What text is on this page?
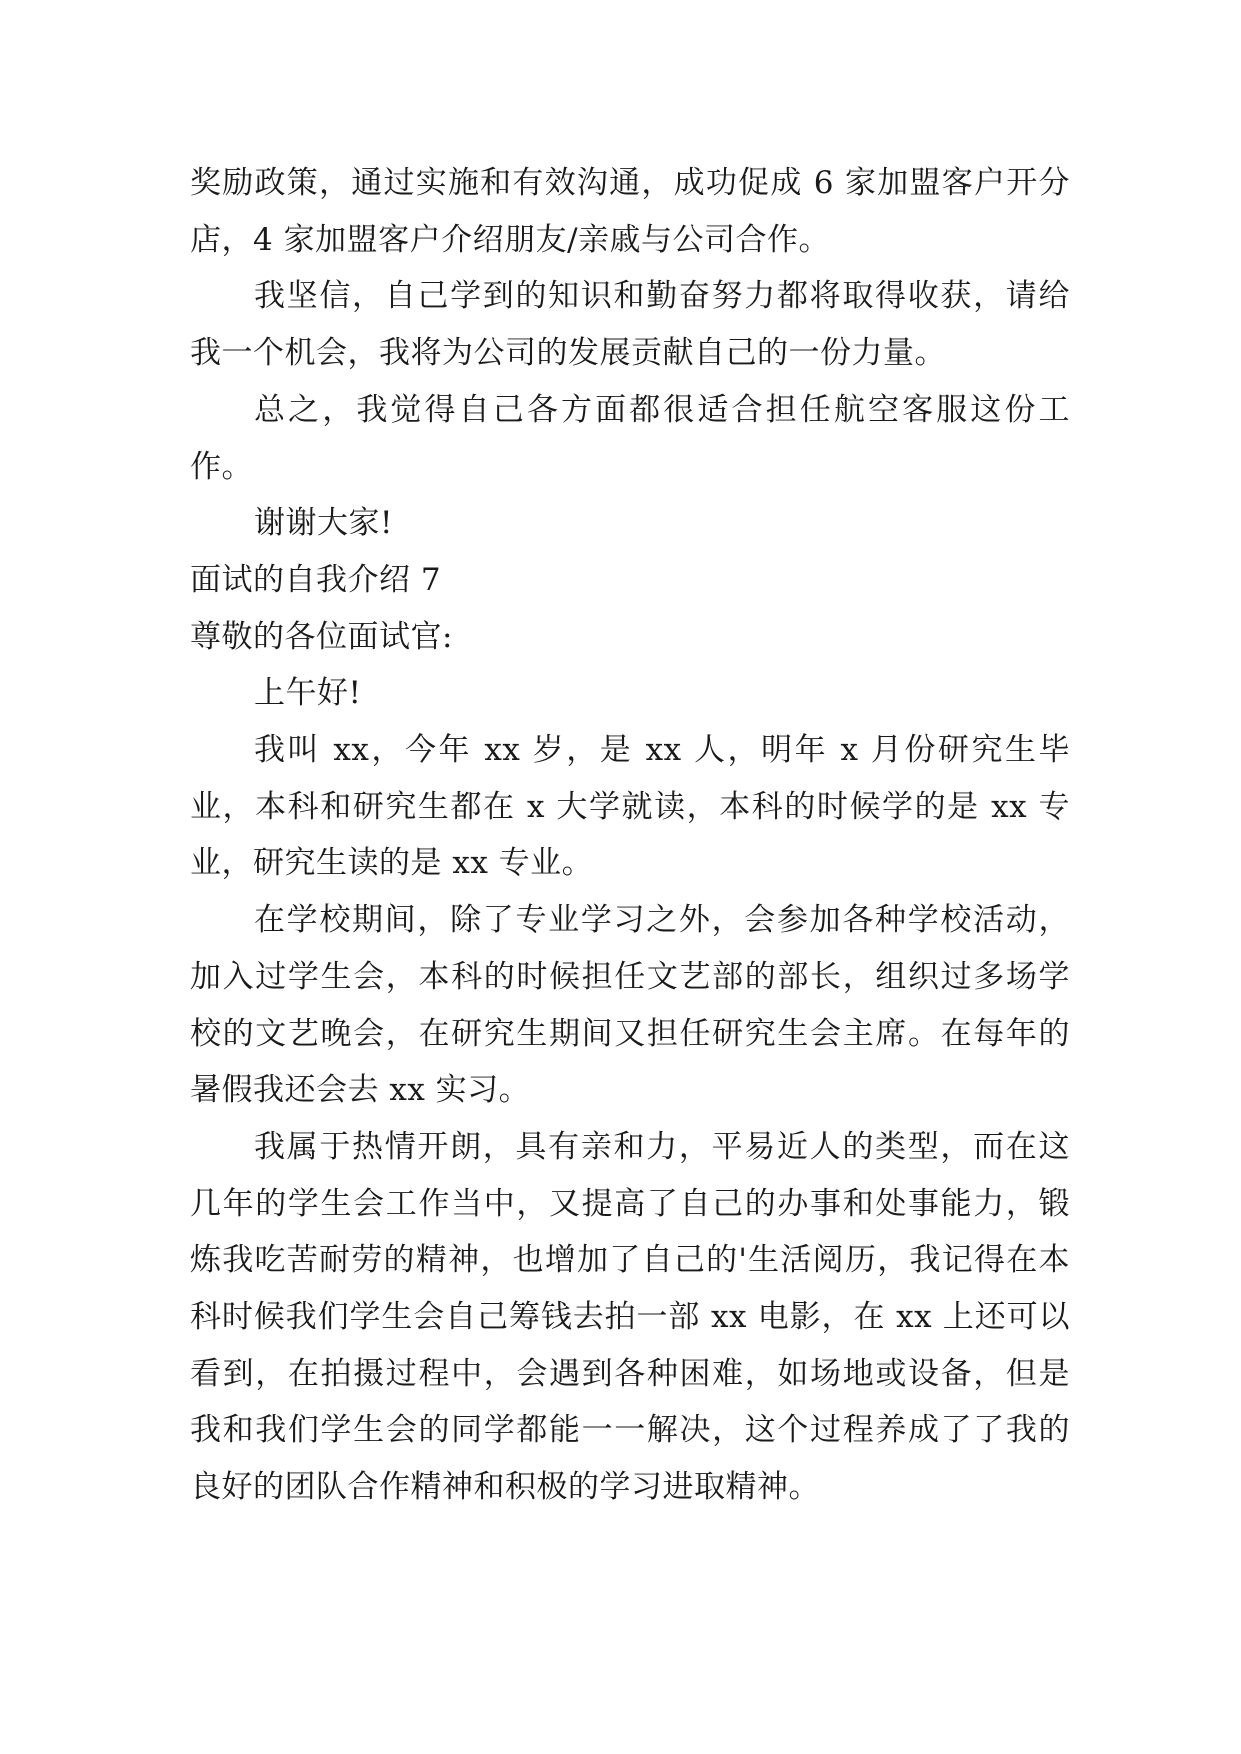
奖励政策，通过实施和有效沟通，成功促成 6 家加盟客户开分店，4 家加盟客户介绍朋友/亲戚与公司合作。

我坚信，自己学到的知识和勤奋努力都将取得收获，请给我一个机会，我将为公司的发展贡献自己的一份力量。

总之，我觉得自己各方面都很适合担任航空客服这份工作。

谢谢大家!

面试的自我介绍 7

尊敬的各位面试官:

上午好!

我叫 xx，今年 xx 岁，是 xx 人，明年 x 月份研究生毕业，本科和研究生都在 x 大学就读，本科的时候学的是 xx 专业，研究生读的是 xx 专业。

在学校期间，除了专业学习之外，会参加各种学校活动，加入过学生会，本科的时候担任文艺部的部长，组织过多场学校的文艺晚会，在研究生期间又担任研究生会主席。在每年的暑假我还会去 xx 实习。

我属于热情开朗，具有亲和力，平易近人的类型，而在这几年的学生会工作当中，又提高了自己的办事和处事能力，锻炼我吃苦耐劳的精神，也增加了自己的'生活阅历，我记得在本科时候我们学生会自己筹钱去拍一部 xx 电影，在 xx 上还可以看到，在拍摄过程中，会遇到各种困难，如场地或设备，但是我和我们学生会的同学都能一一解决，这个过程养成了了我的良好的团队合作精神和积极的学习进取精神。
